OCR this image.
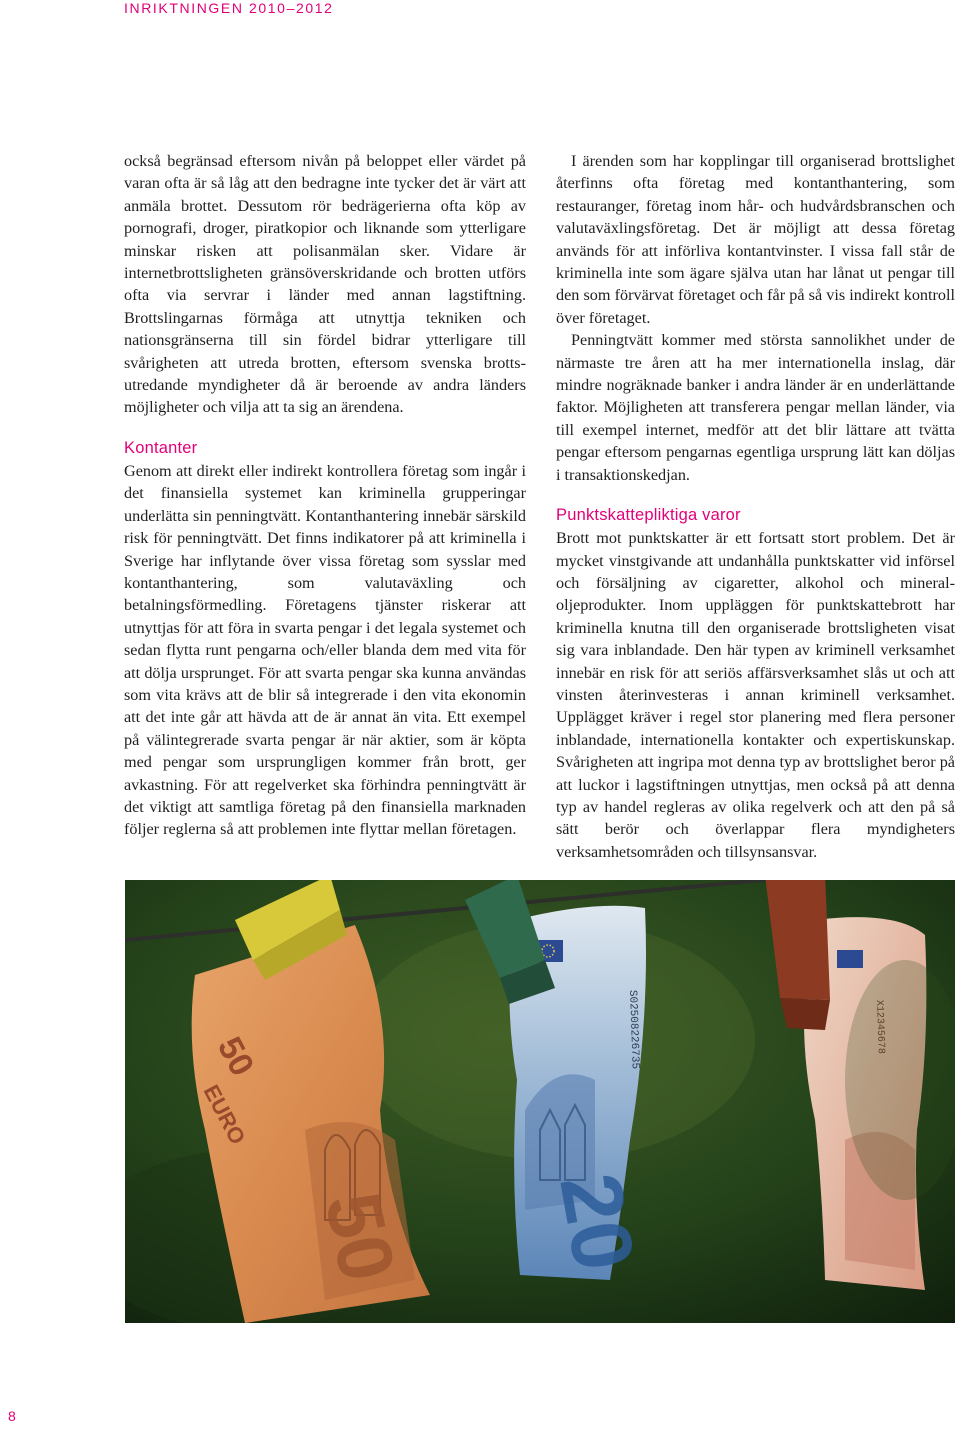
INRIKTNINGEN 2010–2012

också begränsad eftersom nivån på beloppet eller värdet på varan ofta är så låg att den bedragne inte tycker det är värt att anmäla brottet. Dessutom rör bedrägerierna ofta köp av pornografi, droger, piratkopior och liknande som ytterligare minskar risken att polisanmälan sker. Vidare är internetbrottsligheten gränsöverskridande och brotten utförs ofta via servrar i länder med annan lagstiftning. Brottslingarnas förmåga att utnyttja tekniken och nationsgränserna till sin fördel bidrar ytterligare till svårigheten att utreda brotten, eftersom svenska brottsutredande myndigheter då är beroende av andra länders möjligheter och vilja att ta sig an ärendena.

Kontanter

Genom att direkt eller indirekt kontrollera företag som ingår i det finansiella systemet kan kriminella grupperingar underlätta sin penningtvätt. Kontanthantering innebär särskild risk för penningtvätt. Det finns indikatorer på att kriminella i Sverige har inflytande över vissa företag som sysslar med kontanthantering, som valutaväxling och betalningsförmedling. Företagens tjänster riskerar att utnyttjas för att föra in svarta pengar i det legala systemet och sedan flytta runt pengarna och/eller blanda dem med vita för att dölja ursprunget. För att svarta pengar ska kunna användas som vita krävs att de blir så integrerade i den vita ekonomin att det inte går att hävda att de är annat än vita. Ett exempel på välintegrerade svarta pengar är när aktier, som är köpta med pengar som ursprungligen kommer från brott, ger avkastning. För att regelverket ska förhindra penningtvätt är det viktigt att samtliga företag på den finansiella marknaden följer reglerna så att problemen inte flyttar mellan företagen.

I ärenden som har kopplingar till organiserad brottslighet återfinns ofta företag med kontanthantering, som restauranger, företag inom hår- och hudvårdsbranschen och valutaväxlingsföretag. Det är möjligt att dessa företag används för att införliva kontantvinster. I vissa fall står de kriminella inte som ägare själva utan har lånat ut pengar till den som förvärvat företaget och får på så vis indirekt kontroll över företaget.

Penningtvätt kommer med största sannolikhet under de närmaste tre åren att ha mer internationella inslag, där mindre nogräknade banker i andra länder är en underlättande faktor. Möjligheten att transferera pengar mellan länder, via till exempel internet, medför att det blir lättare att tvätta pengar eftersom pengarnas egentliga ursprung lätt kan döljas i transaktionskedjan.

Punktskattepliktiga varor

Brott mot punktskatter är ett fortsatt stort problem. Det är mycket vinstgivande att undanhålla punktskatter vid införsel och försäljning av cigaretter, alkohol och mineraloljeprodukter. Inom uppläggen för punktskattebrott har kriminella knutna till den organiserade brottsligheten visat sig vara inblandade. Den här typen av kriminell verksamhet innebär en risk för att seriös affärsverksamhet slås ut och att vinsten återinvesteras i annan kriminell verksamhet. Upplägget kräver i regel stor planering med flera personer inblandade, internationella kontakter och expertiskunskap. Svårigheten att ingripa mot denna typ av brottslighet beror på att luckor i lagstiftningen utnyttjas, men också på att denna typ av handel regleras av olika regelverk och att den på så sätt berör och överlappar flera myndigheters verksamhetsområden och tillsynsansvar.

50
EURO
50
S02508226735
20
X12345678
8
